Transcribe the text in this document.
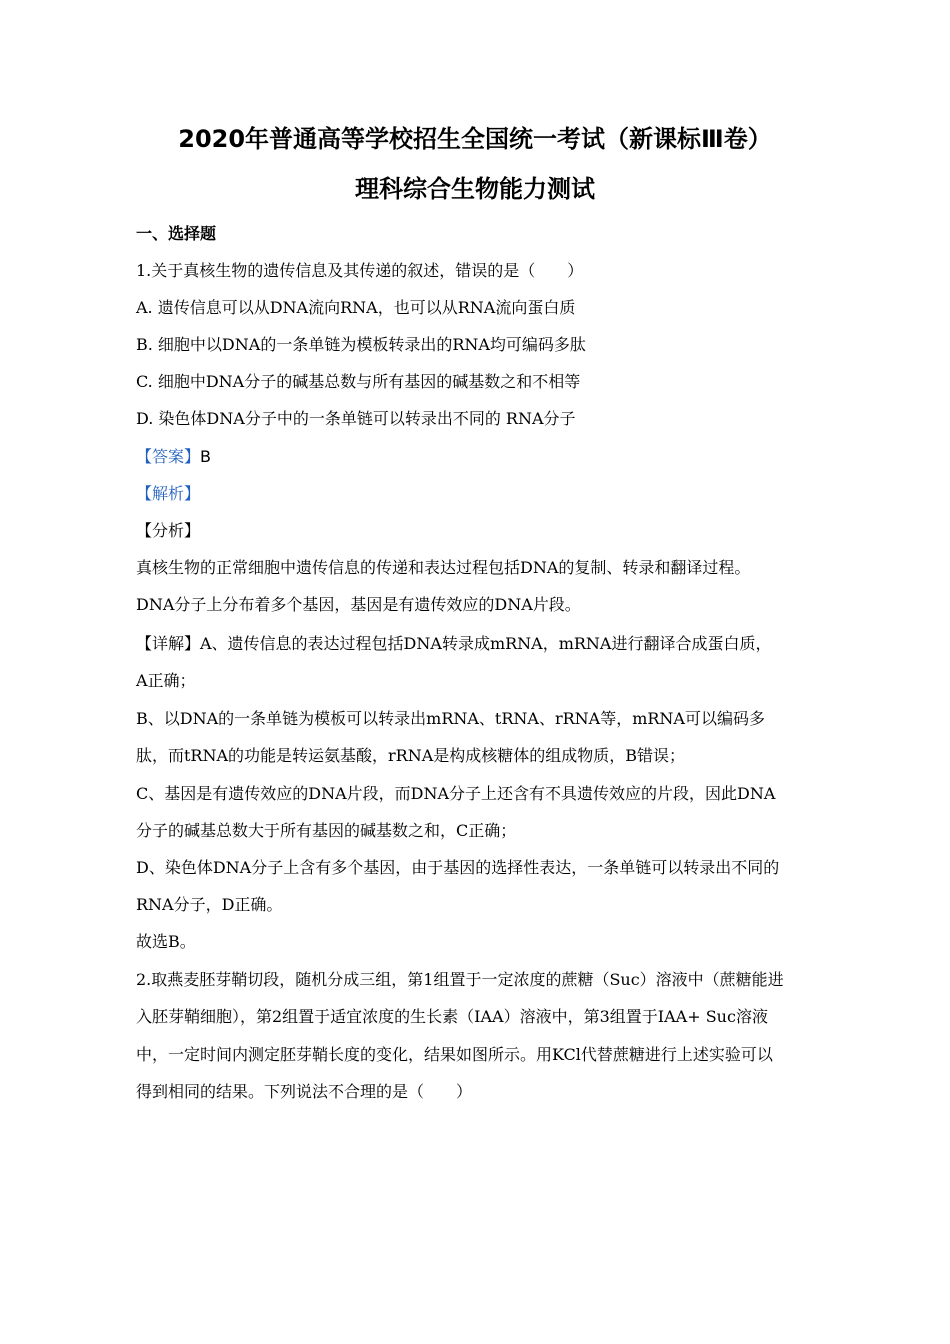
2020年普通高等学校招生全国统一考试（新课标Ⅲ卷）
理科综合生物能力测试
一、选择题
1.关于真核生物的遗传信息及其传递的叙述，错误的是（　　）
A. 遗传信息可以从DNA流向RNA，也可以从RNA流向蛋白质
B. 细胞中以DNA的一条单链为模板转录出的RNA均可编码多肽
C. 细胞中DNA分子的碱基总数与所有基因的碱基数之和不相等
D. 染色体DNA分子中的一条单链可以转录出不同的 RNA分子
【答案】B
【解析】
【分析】
真核生物的正常细胞中遗传信息的传递和表达过程包括DNA的复制、转录和翻译过程。
DNA分子上分布着多个基因，基因是有遗传效应的DNA片段。
【详解】A、遗传信息的表达过程包括DNA转录成mRNA，mRNA进行翻译合成蛋白质，
A正确；
B、以DNA的一条单链为模板可以转录出mRNA、tRNA、rRNA等，mRNA可以编码多
肽，而tRNA的功能是转运氨基酸，rRNA是构成核糖体的组成物质，B错误；
C、基因是有遗传效应的DNA片段，而DNA分子上还含有不具遗传效应的片段，因此DNA
分子的碱基总数大于所有基因的碱基数之和，C正确；
D、染色体DNA分子上含有多个基因，由于基因的选择性表达，一条单链可以转录出不同的
RNA分子，D正确。
故选B。
2.取燕麦胚芽鞘切段，随机分成三组，第1组置于一定浓度的蔗糖（Suc）溶液中（蔗糖能进
入胚芽鞘细胞），第2组置于适宜浓度的生长素（IAA）溶液中，第3组置于IAA+ Suc溶液
中，一定时间内测定胚芽鞘长度的变化，结果如图所示。用KCl代替蔗糖进行上述实验可以
得到相同的结果。下列说法不合理的是（　　）
